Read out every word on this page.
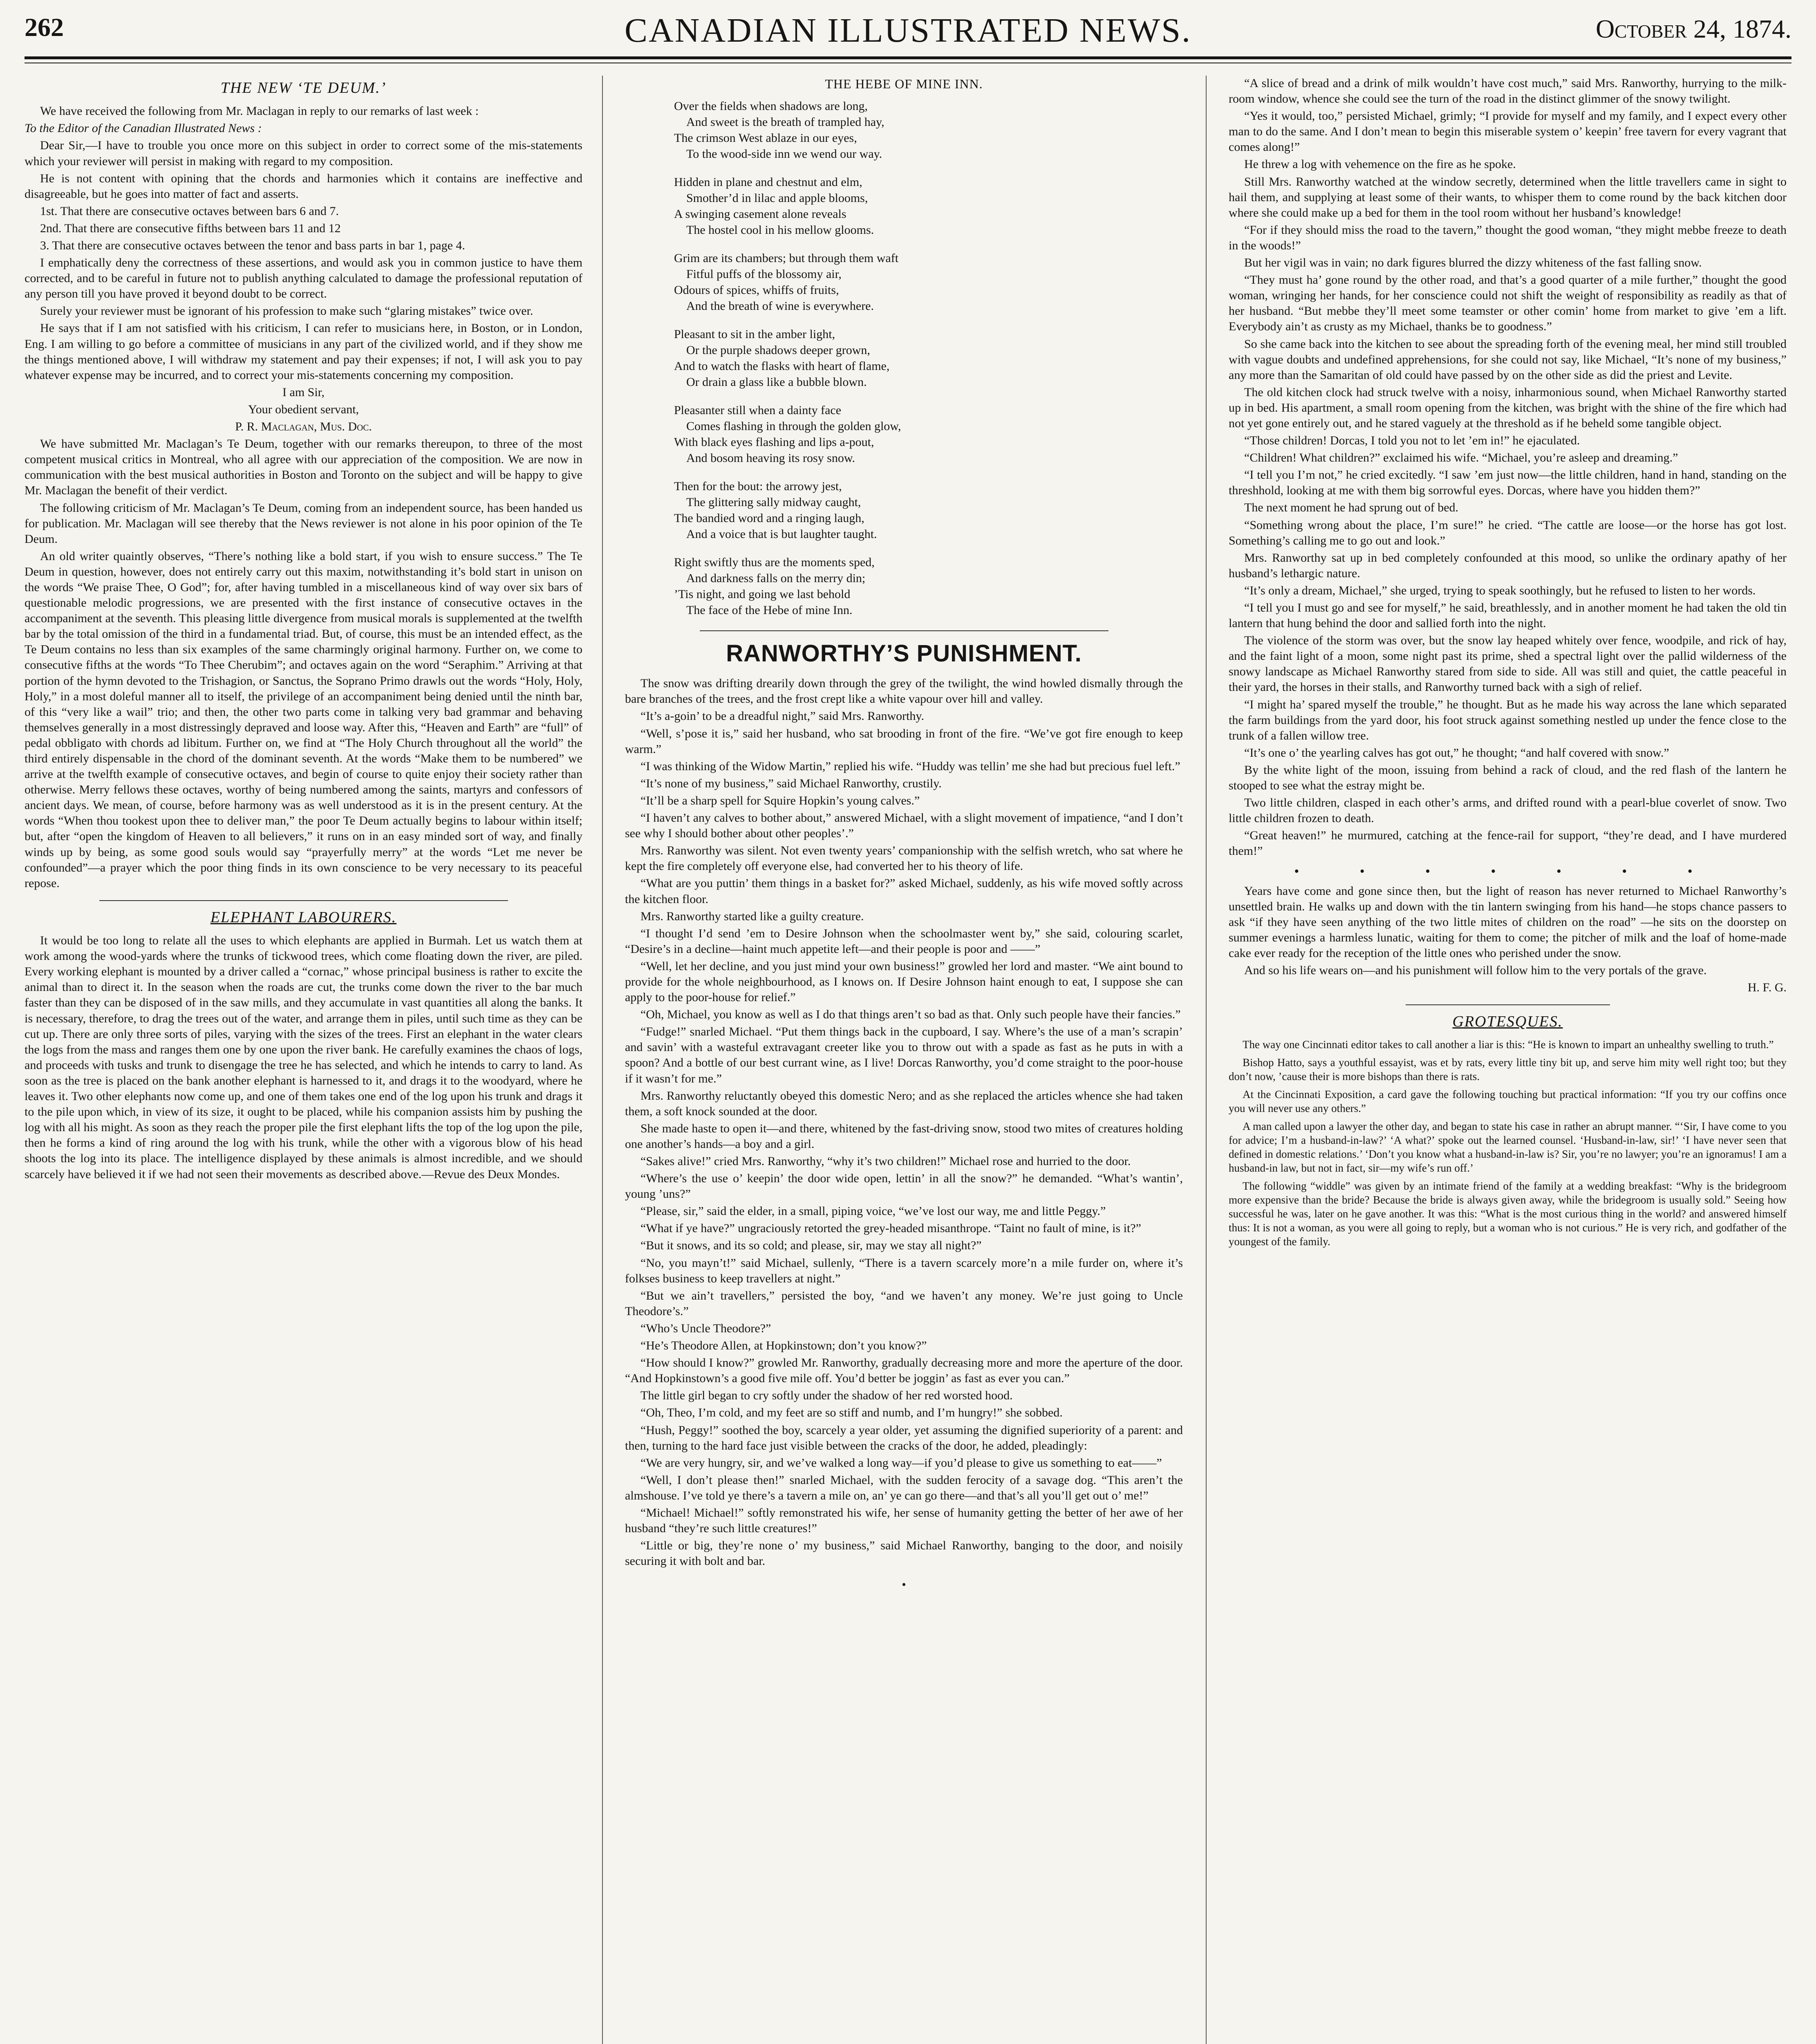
262	CANADIAN ILLUSTRATED NEWS.	October 24, 1874.
THE NEW ‘TE DEUM.’

We have received the following from Mr. Maclagan in reply to our remarks of last week :

To the Editor of the Canadian Illustrated News :

Dear Sir,—I have to trouble you once more on this subject in order to correct some of the mis-statements which your reviewer will persist in making with regard to my composition.

He is not content with opining that the chords and harmonies which it contains are ineffective and disagreeable, but he goes into matter of fact and asserts.

1st. That there are consecutive octaves between bars 6 and 7.

2nd. That there are consecutive fifths between bars 11 and 12

3. That there are consecutive octaves between the tenor and bass parts in bar 1, page 4.

I emphatically deny the correctness of these assertions, and would ask you in common justice to have them corrected, and to be careful in future not to publish anything calculated to damage the professional reputation of any person till you have proved it beyond doubt to be correct.

Surely your reviewer must be ignorant of his profession to make such “glaring mistakes” twice over.

He says that if I am not satisfied with his criticism, I can refer to musicians here, in Boston, or in London, Eng. I am willing to go before a committee of musicians in any part of the civilized world, and if they show me the things mentioned above, I will withdraw my statement and pay their expenses; if not, I will ask you to pay whatever expense may be incurred, and to correct your mis-statements concerning my composition.

I am Sir,

Your obedient servant,

P. R. Maclagan, Mus. Doc.

We have submitted Mr. Maclagan’s Te Deum, together with our remarks thereupon, to three of the most competent musical critics in Montreal, who all agree with our appreciation of the composition. We are now in communication with the best musical authorities in Boston and Toronto on the subject and will be happy to give Mr. Maclagan the benefit of their verdict.

The following criticism of Mr. Maclagan’s Te Deum, coming from an independent source, has been handed us for publication. Mr. Maclagan will see thereby that the News reviewer is not alone in his poor opinion of the Te Deum.

An old writer quaintly observes, “There’s nothing like a bold start, if you wish to ensure success.” The Te Deum in question, however, does not entirely carry out this maxim, notwithstanding it’s bold start in unison on the words “We praise Thee, O God”; for, after having tumbled in a miscellaneous kind of way over six bars of questionable melodic progressions, we are presented with the first instance of consecutive octaves in the accompaniment at the seventh. This pleasing little divergence from musical morals is supplemented at the twelfth bar by the total omission of the third in a fundamental triad. But, of course, this must be an intended effect, as the Te Deum contains no less than six examples of the same charmingly original harmony. Further on, we come to consecutive fifths at the words “To Thee Cherubim”; and octaves again on the word “Seraphim.” Arriving at that portion of the hymn devoted to the Trishagion, or Sanctus, the Soprano Primo drawls out the words “Holy, Holy, Holy,” in a most doleful manner all to itself, the privilege of an accompaniment being denied until the ninth bar, of this “very like a wail” trio; and then, the other two parts come in talking very bad grammar and behaving themselves generally in a most distressingly depraved and loose way. After this, “Heaven and Earth” are “full” of pedal obbligato with chords ad libitum. Further on, we find at “The Holy Church throughout all the world” the third entirely dispensable in the chord of the dominant seventh. At the words “Make them to be numbered” we arrive at the twelfth example of consecutive octaves, and begin of course to quite enjoy their society rather than otherwise. Merry fellows these octaves, worthy of being numbered among the saints, martyrs and confessors of ancient days. We mean, of course, before harmony was as well understood as it is in the present century. At the words “When thou tookest upon thee to deliver man,” the poor Te Deum actually begins to labour within itself; but, after “open the kingdom of Heaven to all believers,” it runs on in an easy minded sort of way, and finally winds up by being, as some good souls would say “prayerfully merry” at the words “Let me never be confounded”—a prayer which the poor thing finds in its own conscience to be very necessary to its peaceful repose.

ELEPHANT LABOURERS.

It would be too long to relate all the uses to which elephants are applied in Burmah. Let us watch them at work among the wood-yards where the trunks of tickwood trees, which come floating down the river, are piled. Every working elephant is mounted by a driver called a “cornac,” whose principal business is rather to excite the animal than to direct it. In the season when the roads are cut, the trunks come down the river to the bar much faster than they can be disposed of in the saw mills, and they accumulate in vast quantities all along the banks. It is necessary, therefore, to drag the trees out of the water, and arrange them in piles, until such time as they can be cut up. There are only three sorts of piles, varying with the sizes of the trees. First an elephant in the water clears the logs from the mass and ranges them one by one upon the river bank. He carefully examines the chaos of logs, and proceeds with tusks and trunk to disengage the tree he has selected, and which he intends to carry to land. As soon as the tree is placed on the bank another elephant is harnessed to it, and drags it to the woodyard, where he leaves it. Two other elephants now come up, and one of them takes one end of the log upon his trunk and drags it to the pile upon which, in view of its size, it ought to be placed, while his companion assists him by pushing the log with all his might. As soon as they reach the proper pile the first elephant lifts the top of the log upon the pile, then he forms a kind of ring around the log with his trunk, while the other with a vigorous blow of his head shoots the log into its place. The intelligence displayed by these animals is almost incredible, and we should scarcely have believed it if we had not seen their movements as described above.—Revue des Deux Mondes.

THE HEBE OF MINE INN.
Over the fields when shadows are long,
And sweet is the breath of trampled hay,
The crimson West ablaze in our eyes,
To the wood-side inn we wend our way.
Hidden in plane and chestnut and elm,
Smother’d in lilac and apple blooms,
A swinging casement alone reveals
The hostel cool in his mellow glooms.
Grim are its chambers; but through them waft
Fitful puffs of the blossomy air,
Odours of spices, whiffs of fruits,
And the breath of wine is everywhere.
Pleasant to sit in the amber light,
Or the purple shadows deeper grown,
And to watch the flasks with heart of flame,
Or drain a glass like a bubble blown.
Pleasanter still when a dainty face
Comes flashing in through the golden glow,
With black eyes flashing and lips a-pout,
And bosom heaving its rosy snow.
Then for the bout: the arrowy jest,
The glittering sally midway caught,
The bandied word and a ringing laugh,
And a voice that is but laughter taught.
Right swiftly thus are the moments sped,
And darkness falls on the merry din;
’Tis night, and going we last behold
The face of the Hebe of mine Inn.
RANWORTHY’S PUNISHMENT.

The snow was drifting drearily down through the grey of the twilight, the wind howled dismally through the bare branches of the trees, and the frost crept like a white vapour over hill and valley.

“It’s a-goin’ to be a dreadful night,” said Mrs. Ranworthy.

“Well, s’pose it is,” said her husband, who sat brooding in front of the fire. “We’ve got fire enough to keep warm.”

“I was thinking of the Widow Martin,” replied his wife. “Huddy was tellin’ me she had but precious fuel left.”

“It’s none of my business,” said Michael Ranworthy, crustily.

“It’ll be a sharp spell for Squire Hopkin’s young calves.”

“I haven’t any calves to bother about,” answered Michael, with a slight movement of impatience, “and I don’t see why I should bother about other peoples’.”

Mrs. Ranworthy was silent. Not even twenty years’ companionship with the selfish wretch, who sat where he kept the fire completely off everyone else, had converted her to his theory of life.

“What are you puttin’ them things in a basket for?” asked Michael, suddenly, as his wife moved softly across the kitchen floor.

Mrs. Ranworthy started like a guilty creature.

“I thought I’d send ’em to Desire Johnson when the schoolmaster went by,” she said, colouring scarlet, “Desire’s in a decline—haint much appetite left—and their people is poor and ——”

“Well, let her decline, and you just mind your own business!” growled her lord and master. “We aint bound to provide for the whole neighbourhood, as I knows on. If Desire Johnson haint enough to eat, I suppose she can apply to the poor-house for relief.”

“Oh, Michael, you know as well as I do that things aren’t so bad as that. Only such people have their fancies.”

“Fudge!” snarled Michael. “Put them things back in the cupboard, I say. Where’s the use of a man’s scrapin’ and savin’ with a wasteful extravagant creeter like you to throw out with a spade as fast as he puts in with a spoon? And a bottle of our best currant wine, as I live! Dorcas Ranworthy, you’d come straight to the poor-house if it wasn’t for me.”

Mrs. Ranworthy reluctantly obeyed this domestic Nero; and as she replaced the articles whence she had taken them, a soft knock sounded at the door.

She made haste to open it—and there, whitened by the fast-driving snow, stood two mites of creatures holding one another’s hands—a boy and a girl.

“Sakes alive!” cried Mrs. Ranworthy, “why it’s two children!” Michael rose and hurried to the door.

“Where’s the use o’ keepin’ the door wide open, lettin’ in all the snow?” he demanded. “What’s wantin’, young ’uns?”

“Please, sir,” said the elder, in a small, piping voice, “we’ve lost our way, me and little Peggy.”

“What if ye have?” ungraciously retorted the grey-headed misanthrope. “Taint no fault of mine, is it?”

“But it snows, and its so cold; and please, sir, may we stay all night?”

“No, you mayn’t!” said Michael, sullenly, “There is a tavern scarcely more’n a mile furder on, where it’s folkses business to keep travellers at night.”

“But we ain’t travellers,” persisted the boy, “and we haven’t any money. We’re just going to Uncle Theodore’s.”

“Who’s Uncle Theodore?”

“He’s Theodore Allen, at Hopkinstown; don’t you know?”

“How should I know?” growled Mr. Ranworthy, gradually decreasing more and more the aperture of the door. “And Hopkinstown’s a good five mile off. You’d better be joggin’ as fast as ever you can.”

The little girl began to cry softly under the shadow of her red worsted hood.

“Oh, Theo, I’m cold, and my feet are so stiff and numb, and I’m hungry!” she sobbed.

“Hush, Peggy!” soothed the boy, scarcely a year older, yet assuming the dignified superiority of a parent: and then, turning to the hard face just visible between the cracks of the door, he added, pleadingly:

“We are very hungry, sir, and we’ve walked a long way—if you’d please to give us something to eat——”

“Well, I don’t please then!” snarled Michael, with the sudden ferocity of a savage dog. “This aren’t the almshouse. I’ve told ye there’s a tavern a mile on, an’ ye can go there—and that’s all you’ll get out o’ me!”

“Michael! Michael!” softly remonstrated his wife, her sense of humanity getting the better of her awe of her husband “they’re such little creatures!”

“Little or big, they’re none o’ my business,” said Michael Ranworthy, banging to the door, and noisily securing it with bolt and bar.

•

“A slice of bread and a drink of milk wouldn’t have cost much,” said Mrs. Ranworthy, hurrying to the milk-room window, whence she could see the turn of the road in the distinct glimmer of the snowy twilight.

“Yes it would, too,” persisted Michael, grimly; “I provide for myself and my family, and I expect every other man to do the same. And I don’t mean to begin this miserable system o’ keepin’ free tavern for every vagrant that comes along!”

He threw a log with vehemence on the fire as he spoke.

Still Mrs. Ranworthy watched at the window secretly, determined when the little travellers came in sight to hail them, and supplying at least some of their wants, to whisper them to come round by the back kitchen door where she could make up a bed for them in the tool room without her husband’s knowledge!

“For if they should miss the road to the tavern,” thought the good woman, “they might mebbe freeze to death in the woods!”

But her vigil was in vain; no dark figures blurred the dizzy whiteness of the fast falling snow.

“They must ha’ gone round by the other road, and that’s a good quarter of a mile further,” thought the good woman, wringing her hands, for her conscience could not shift the weight of responsibility as readily as that of her husband. “But mebbe they’ll meet some teamster or other comin’ home from market to give ’em a lift. Everybody ain’t as crusty as my Michael, thanks be to goodness.”

So she came back into the kitchen to see about the spreading forth of the evening meal, her mind still troubled with vague doubts and undefined apprehensions, for she could not say, like Michael, “It’s none of my business,” any more than the Samaritan of old could have passed by on the other side as did the priest and Levite.

The old kitchen clock had struck twelve with a noisy, inharmonious sound, when Michael Ranworthy started up in bed. His apartment, a small room opening from the kitchen, was bright with the shine of the fire which had not yet gone entirely out, and he stared vaguely at the threshold as if he beheld some tangible object.

“Those children! Dorcas, I told you not to let ’em in!” he ejaculated.

“Children! What children?” exclaimed his wife. “Michael, you’re asleep and dreaming.”

“I tell you I’m not,” he cried excitedly. “I saw ’em just now—the little children, hand in hand, standing on the threshhold, looking at me with them big sorrowful eyes. Dorcas, where have you hidden them?”

The next moment he had sprung out of bed.

“Something wrong about the place, I’m sure!” he cried. “The cattle are loose—or the horse has got lost. Something’s calling me to go out and look.”

Mrs. Ranworthy sat up in bed completely confounded at this mood, so unlike the ordinary apathy of her husband’s lethargic nature.

“It’s only a dream, Michael,” she urged, trying to speak soothingly, but he refused to listen to her words.

“I tell you I must go and see for myself,” he said, breathlessly, and in another moment he had taken the old tin lantern that hung behind the door and sallied forth into the night.

The violence of the storm was over, but the snow lay heaped whitely over fence, woodpile, and rick of hay, and the faint light of a moon, some night past its prime, shed a spectral light over the pallid wilderness of the snowy landscape as Michael Ranworthy stared from side to side. All was still and quiet, the cattle peaceful in their yard, the horses in their stalls, and Ranworthy turned back with a sigh of relief.

“I might ha’ spared myself the trouble,” he thought. But as he made his way across the lane which separated the farm buildings from the yard door, his foot struck against something nestled up under the fence close to the trunk of a fallen willow tree.

“It’s one o’ the yearling calves has got out,” he thought; “and half covered with snow.”

By the white light of the moon, issuing from behind a rack of cloud, and the red flash of the lantern he stooped to see what the estray might be.

Two little children, clasped in each other’s arms, and drifted round with a pearl-blue coverlet of snow. Two little children frozen to death.

“Great heaven!” he murmured, catching at the fence-rail for support, “they’re dead, and I have murdered them!”

• • • • • • •

Years have come and gone since then, but the light of reason has never returned to Michael Ranworthy’s unsettled brain. He walks up and down with the tin lantern swinging from his hand—he stops chance passers to ask “if they have seen anything of the two little mites of children on the road” —he sits on the doorstep on summer evenings a harmless lunatic, waiting for them to come; the pitcher of milk and the loaf of home-made cake ever ready for the reception of the little ones who perished under the snow.

And so his life wears on—and his punishment will follow him to the very portals of the grave.

H. F. G.

GROTESQUES.

The way one Cincinnati editor takes to call another a liar is this: “He is known to impart an unhealthy swelling to truth.”

Bishop Hatto, says a youthful essayist, was et by rats, every little tiny bit up, and serve him mity well right too; but they don’t now, ’cause their is more bishops than there is rats.

At the Cincinnati Exposition, a card gave the following touching but practical information: “If you try our coffins once you will never use any others.”

A man called upon a lawyer the other day, and began to state his case in rather an abrupt manner. “‘Sir, I have come to you for advice; I’m a husband-in-law?’ ‘A what?’ spoke out the learned counsel. ‘Husband-in-law, sir!’ ‘I have never seen that defined in domestic relations.’ ‘Don’t you know what a husband-in-law is? Sir, you’re no lawyer; you’re an ignoramus! I am a husband-in law, but not in fact, sir—my wife’s run off.’

The following “widdle” was given by an intimate friend of the family at a wedding breakfast: “Why is the bridegroom more expensive than the bride? Because the bride is always given away, while the bridegroom is usually sold.” Seeing how successful he was, later on he gave another. It was this: “What is the most curious thing in the world? and answered himself thus: It is not a woman, as you were all going to reply, but a woman who is not curious.” He is very rich, and godfather of the youngest of the family.
